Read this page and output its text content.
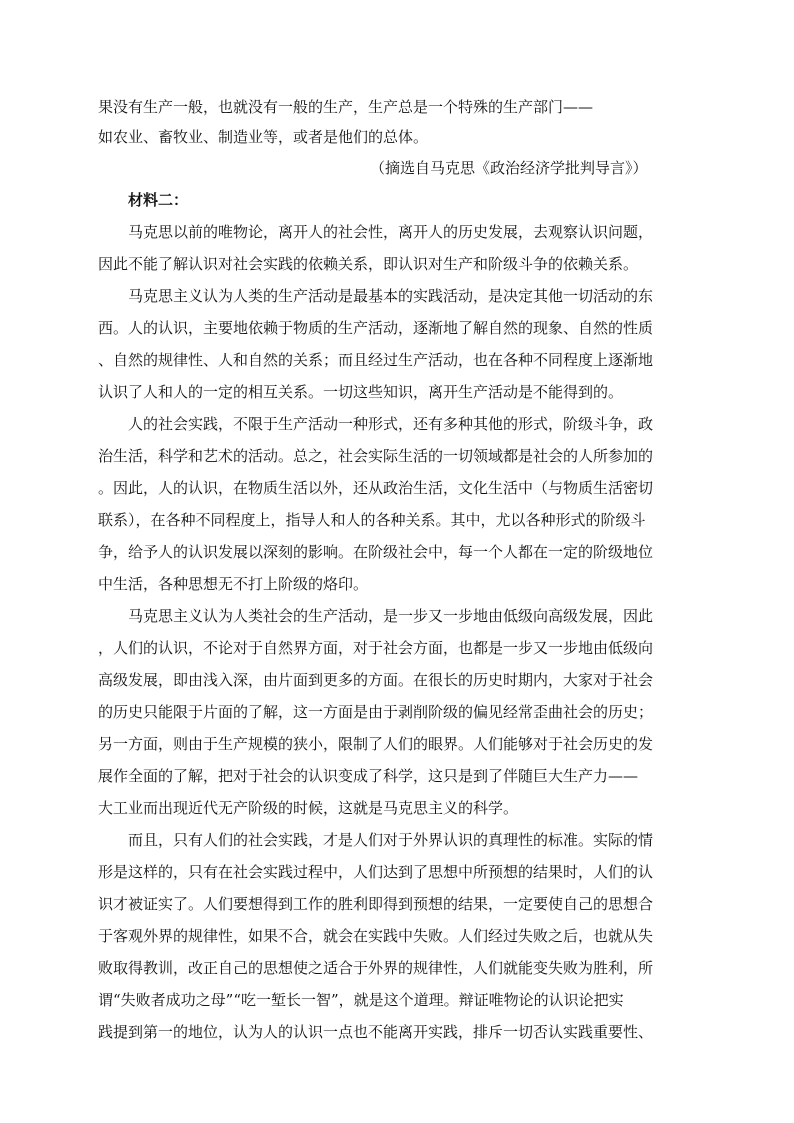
果没有生产一般，也就没有一般的生产，生产总是一个特殊的生产部门——
如农业、畜牧业、制造业等，或者是他们的总体。
（摘选自马克思《政治经济学批判导言》）
材料二：
马克思以前的唯物论，离开人的社会性，离开人的历史发展，去观察认识问题，
因此不能了解认识对社会实践的依赖关系，即认识对生产和阶级斗争的依赖关系。
马克思主义认为人类的生产活动是最基本的实践活动，是决定其他一切活动的东
西。人的认识，主要地依赖于物质的生产活动，逐渐地了解自然的现象、自然的性质
、自然的规律性、人和自然的关系；而且经过生产活动，也在各种不同程度上逐渐地
认识了人和人的一定的相互关系。一切这些知识，离开生产活动是不能得到的。
人的社会实践，不限于生产活动一种形式，还有多种其他的形式，阶级斗争，政
治生活，科学和艺术的活动。总之，社会实际生活的一切领域都是社会的人所参加的
。因此，人的认识，在物质生活以外，还从政治生活，文化生活中（与物质生活密切
联系），在各种不同程度上，指导人和人的各种关系。其中，尤以各种形式的阶级斗
争，给予人的认识发展以深刻的影响。在阶级社会中，每一个人都在一定的阶级地位
中生活，各种思想无不打上阶级的烙印。
马克思主义认为人类社会的生产活动，是一步又一步地由低级向高级发展，因此
，人们的认识，不论对于自然界方面，对于社会方面，也都是一步又一步地由低级向
高级发展，即由浅入深，由片面到更多的方面。在很长的历史时期内，大家对于社会
的历史只能限于片面的了解，这一方面是由于剥削阶级的偏见经常歪曲社会的历史；
另一方面，则由于生产规模的狭小，限制了人们的眼界。人们能够对于社会历史的发
展作全面的了解，把对于社会的认识变成了科学，这只是到了伴随巨大生产力——
大工业而出现近代无产阶级的时候，这就是马克思主义的科学。
而且，只有人们的社会实践，才是人们对于外界认识的真理性的标准。实际的情
形是这样的，只有在社会实践过程中，人们达到了思想中所预想的结果时，人们的认
识才被证实了。人们要想得到工作的胜利即得到预想的结果，一定要使自己的思想合
于客观外界的规律性，如果不合，就会在实践中失败。人们经过失败之后，也就从失
败取得教训，改正自己的思想使之适合于外界的规律性，人们就能变失败为胜利，所
谓“失败者成功之母”“吃一堑长一智”，就是这个道理。辩证唯物论的认识论把实
践提到第一的地位，认为人的认识一点也不能离开实践，排斥一切否认实践重要性、
